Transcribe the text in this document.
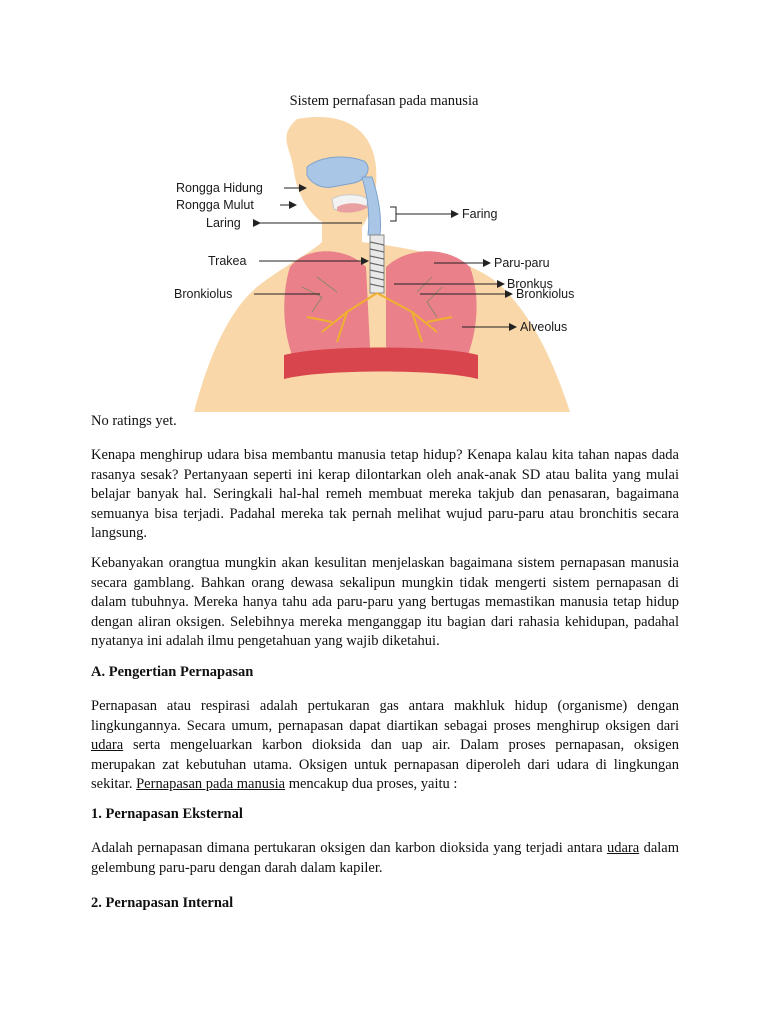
Sistem pernafasan pada manusia
Rongga Hidung
Rongga Mulut
Laring
Trakea
Bronkiolus
Faring
Paru-paru
Bronkus
Bronkiolus
Alveolus
No ratings yet.
Kenapa menghirup udara bisa membantu manusia tetap hidup? Kenapa kalau kita tahan napas dada rasanya sesak? Pertanyaan seperti ini kerap dilontarkan oleh anak-anak SD atau balita yang mulai belajar banyak hal. Seringkali hal-hal remeh membuat mereka takjub dan penasaran, bagaimana semuanya bisa terjadi. Padahal mereka tak pernah melihat wujud paru-paru atau bronchitis secara langsung.
Kebanyakan orangtua mungkin akan kesulitan menjelaskan bagaimana sistem pernapasan manusia secara gamblang. Bahkan orang dewasa sekalipun mungkin tidak mengerti sistem pernapasan di dalam tubuhnya. Mereka hanya tahu ada paru-paru yang bertugas memastikan manusia tetap hidup dengan aliran oksigen. Selebihnya mereka menganggap itu bagian dari rahasia kehidupan, padahal nyatanya ini adalah ilmu pengetahuan yang wajib diketahui.
A. Pengertian Pernapasan
Pernapasan atau respirasi adalah pertukaran gas antara makhluk hidup (organisme) dengan lingkungannya. Secara umum, pernapasan dapat diartikan sebagai proses menghirup oksigen dari udara serta mengeluarkan karbon dioksida dan uap air. Dalam proses pernapasan, oksigen merupakan zat kebutuhan utama. Oksigen untuk pernapasan diperoleh dari udara di lingkungan sekitar. Pernapasan pada manusia mencakup dua proses, yaitu :
1. Pernapasan Eksternal
Adalah pernapasan dimana pertukaran oksigen dan karbon dioksida yang terjadi antara udara dalam gelembung paru-paru dengan darah dalam kapiler.
2. Pernapasan Internal
